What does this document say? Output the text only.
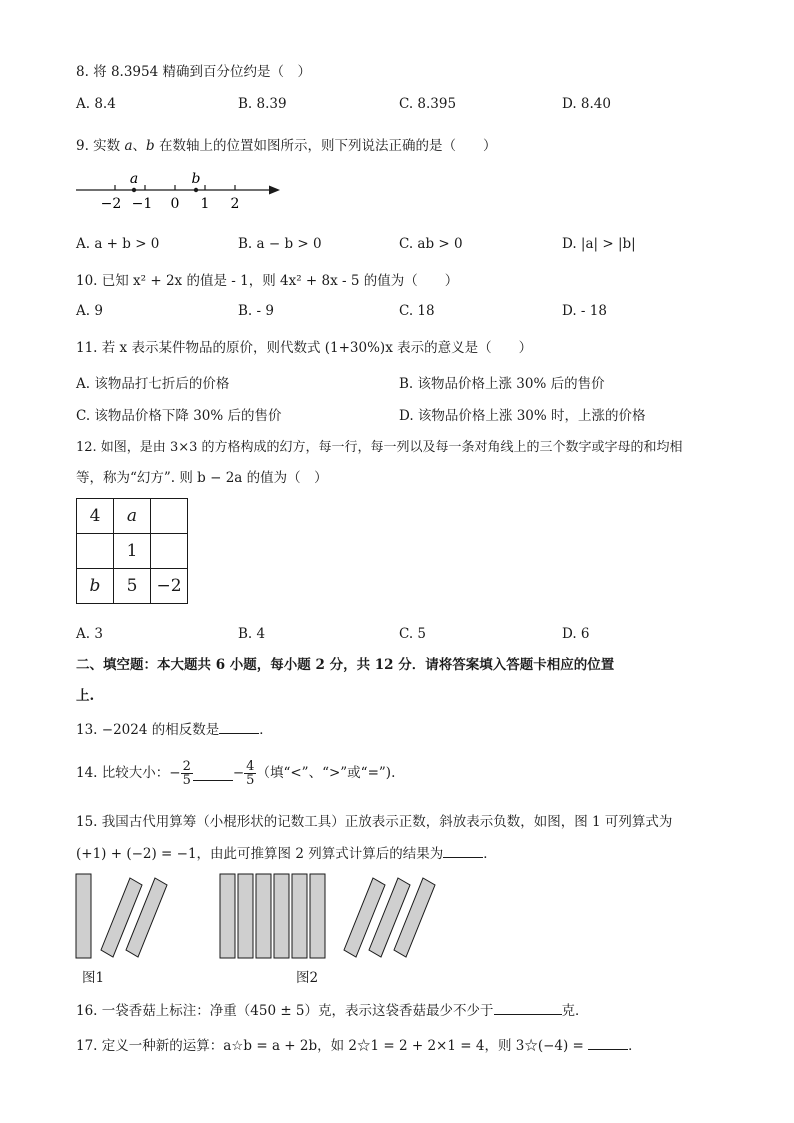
8. 将 8.3954 精确到百分位约是（　）
A. 8.4	B. 8.39	C. 8.395	D. 8.40
9. 实数 a、b 在数轴上的位置如图所示，则下列说法正确的是（　　）
a	b
−2 −1 0 1 2
A. a + b > 0	B. a − b > 0	C. ab > 0	D. |a| > |b|
10. 已知 x² + 2x 的值是 - 1，则 4x² + 8x - 5 的值为（　　）
A. 9	B. - 9	C. 18	D. - 18
11. 若 x 表示某件物品的原价，则代数式 (1+30%)x 表示的意义是（　　）
A. 该物品打七折后的价格	B. 该物品价格上涨 30% 后的售价
C. 该物品价格下降 30% 后的售价	D. 该物品价格上涨 30% 时，上涨的价格
12. 如图，是由 3×3 的方格构成的幻方，每一行，每一列以及每一条对角线上的三个数字或字母的和均相
等，称为“幻方”. 则 b − 2a 的值为（　）
4	a	
	1	
b	5	−2
A. 3	B. 4	C. 5	D. 6
二、填空题：本大题共 6 小题，每小题 2 分，共 12 分．请将答案填入答题卡相应的位置
上.
13. −2024 的相反数是	．
14. 比较大小：− $\frac{2}{5}$	− $\frac{4}{5}$ （填“<”、“>”或“=”).
15. 我国古代用算筹（小棍形状的记数工具）正放表示正数，斜放表示负数，如图，图 1 可列算式为
(+1) + (−2) = −1，由此可推算图 2 列算式计算后的结果为	．
图1	图2
16. 一袋香菇上标注：净重（450 ± 5）克，表示这袋香菇最少不少于	克．
17. 定义一种新的运算：a☆b = a + 2b，如 2☆1 = 2 + 2×1 = 4，则 3☆(−4) =	．
